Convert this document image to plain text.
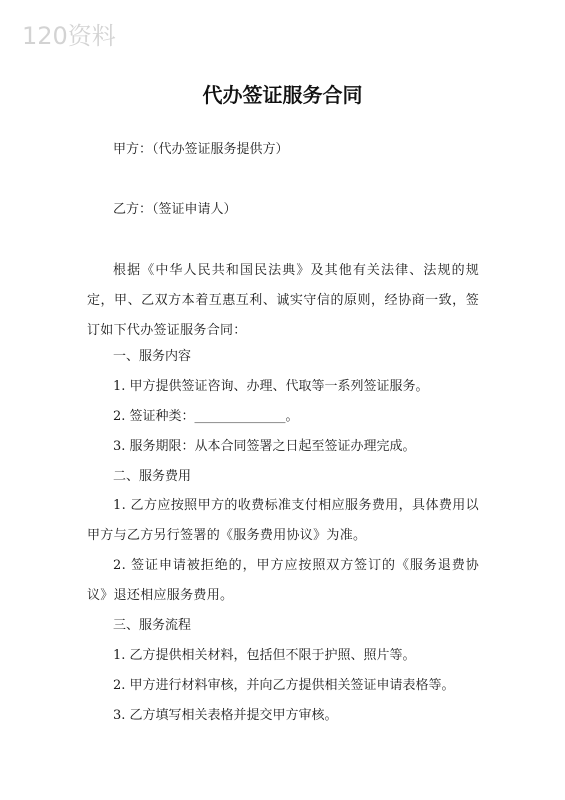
120资料
代办签证服务合同
甲方：（代办签证服务提供方）
乙方：（签证申请人）
根据《中华人民共和国民法典》及其他有关法律、法规的规定，甲、乙双方本着互惠互利、诚实守信的原则，经协商一致，签订如下代办签证服务合同：
一、服务内容
1. 甲方提供签证咨询、办理、代取等一系列签证服务。
2. 签证种类：______________。
3. 服务期限：从本合同签署之日起至签证办理完成。
二、服务费用
1. 乙方应按照甲方的收费标准支付相应服务费用，具体费用以甲方与乙方另行签署的《服务费用协议》为准。
2. 签证申请被拒绝的，甲方应按照双方签订的《服务退费协议》退还相应服务费用。
三、服务流程
1. 乙方提供相关材料，包括但不限于护照、照片等。
2. 甲方进行材料审核，并向乙方提供相关签证申请表格等。
3. 乙方填写相关表格并提交甲方审核。
